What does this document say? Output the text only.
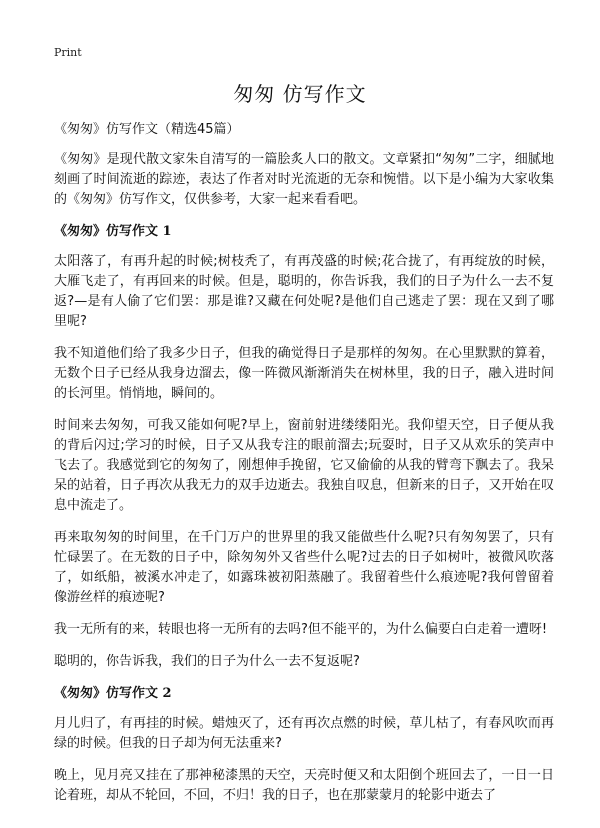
Print
匆匆 仿写作文

《匆匆》仿写作文（精选45篇）

《匆匆》是现代散文家朱自清写的一篇脍炙人口的散文。文章紧扣“匆匆”二字，细腻地刻画了时间流逝的踪迹，表达了作者对时光流逝的无奈和惋惜。以下是小编为大家收集的《匆匆》仿写作文，仅供参考，大家一起来看看吧。

《匆匆》仿写作文 1

太阳落了，有再升起的时候;树枝秃了，有再茂盛的时候;花合拢了，有再绽放的时候，大雁飞走了，有再回来的时候。但是，聪明的，你告诉我，我们的日子为什么一去不复返?—是有人偷了它们罢：那是谁?又藏在何处呢?是他们自己逃走了罢：现在又到了哪里呢?

我不知道他们给了我多少日子，但我的确觉得日子是那样的匆匆。在心里默默的算着，无数个日子已经从我身边溜去，像一阵微风渐渐消失在树林里，我的日子，融入进时间的长河里。悄悄地，瞬间的。

时间来去匆匆，可我又能如何呢?早上，窗前射进缕缕阳光。我仰望天空，日子便从我的背后闪过;学习的时候，日子又从我专注的眼前溜去;玩耍时，日子又从欢乐的笑声中飞去了。我感觉到它的匆匆了，刚想伸手挽留，它又偷偷的从我的臂弯下飘去了。我呆呆的站着，日子再次从我无力的双手边逝去。我独自叹息，但新来的日子，又开始在叹息中流走了。

再来取匆匆的时间里，在千门万户的世界里的我又能做些什么呢?只有匆匆罢了，只有忙碌罢了。在无数的日子中，除匆匆外又省些什么呢?过去的日子如树叶，被微风吹落了，如纸船，被溪水冲走了，如露珠被初阳蒸融了。我留着些什么痕迹呢?我何曾留着像游丝样的痕迹呢?

我一无所有的来，转眼也将一无所有的去吗?但不能平的，为什么偏要白白走着一遭呀!

聪明的，你告诉我，我们的日子为什么一去不复返呢?

《匆匆》仿写作文 2

月儿归了，有再挂的时候。蜡烛灭了，还有再次点燃的时候，草儿枯了，有春风吹而再绿的时候。但我的日子却为何无法重来?

晚上，见月亮又挂在了那神秘漆黑的天空，天亮时便又和太阳倒个班回去了，一日一日论着班，却从不轮回，不回，不归！我的日子，也在那蒙蒙月的轮影中逝去了
